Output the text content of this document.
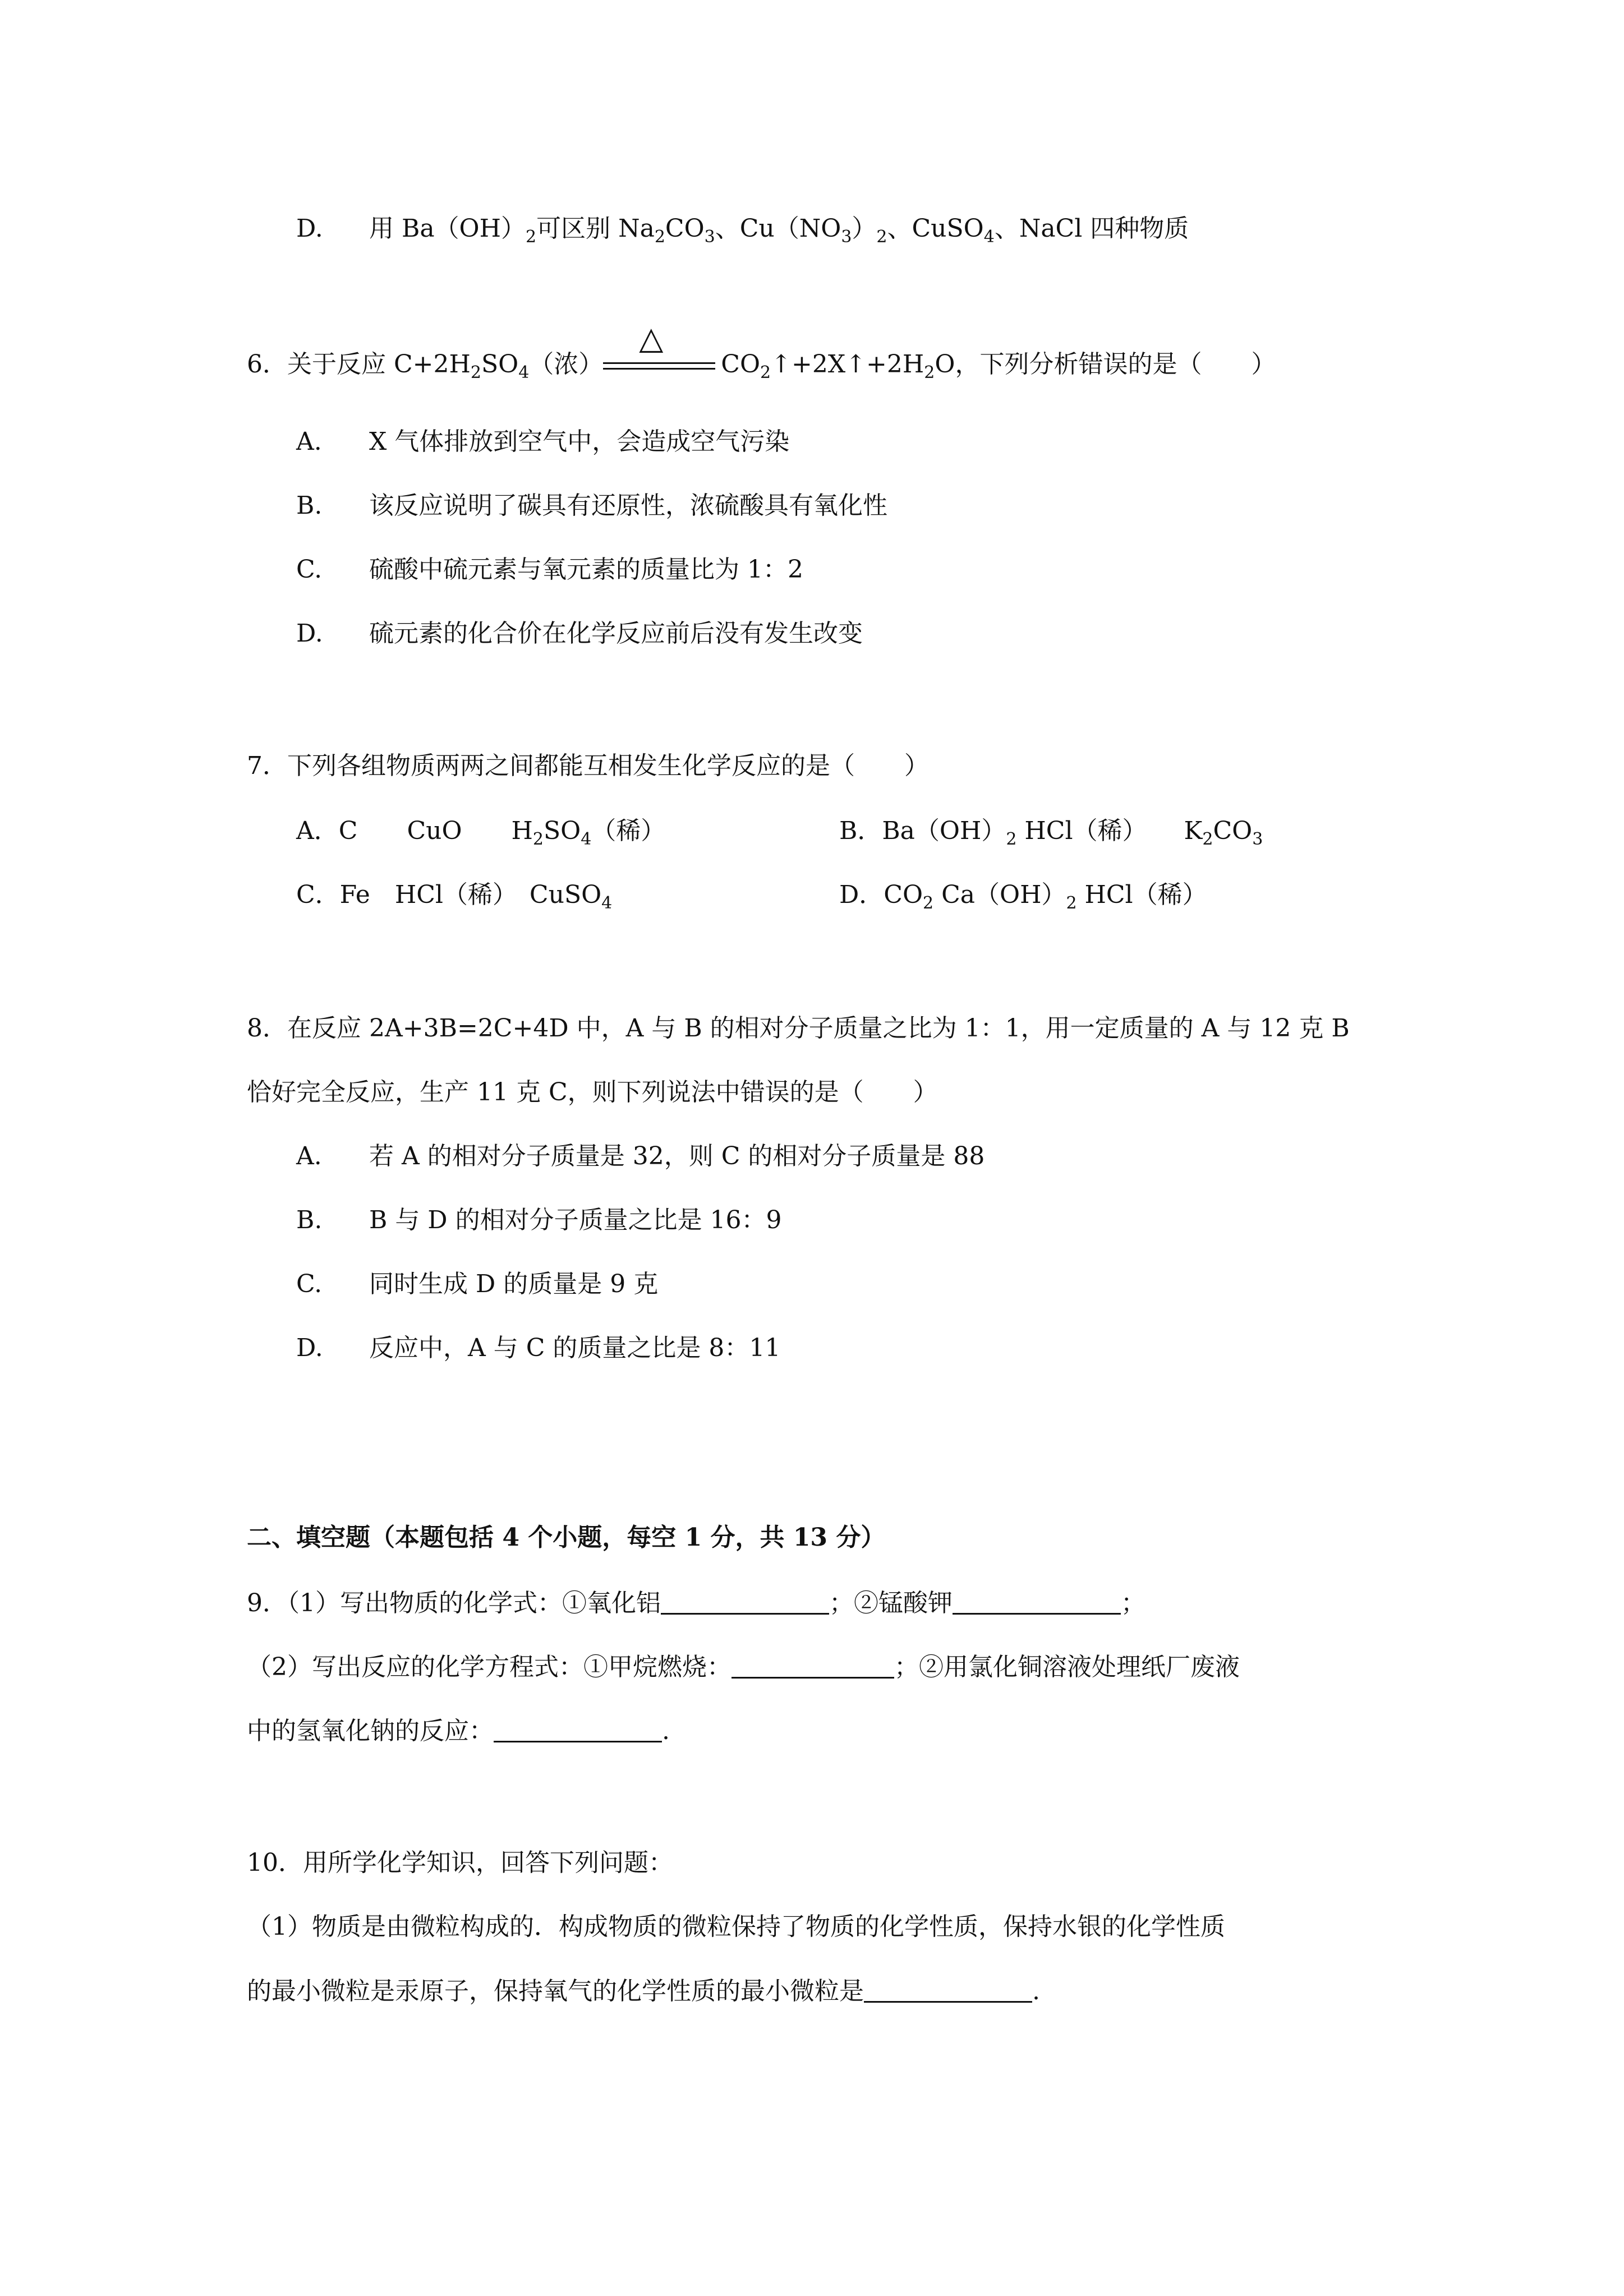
D. 用 $Ba(OH)_2$可区别 $Na_2CO_3$、$Cu(NO_3)_2$、CuSO$_4$、NaCl 四种物质
6．关于反应 $C+2H_2SO_4$（浓）
△
$CO_2↑+2X↑+2H_2O$，下列分析错误的是（　　）
A. X 气体排放到空气中，会造成空气污染
B. 该反应说明了碳具有还原性，浓硫酸具有氧化性
C. 硫酸中硫元素与氧元素的质量比为 1：2
D. 硫元素的化合价在化学反应前后没有发生改变
7．下列各组物质两两之间都能互相发生化学反应的是（　　）
A．C　　CuO　　$H_2SO_4$（稀）	B．$Ba(OH)_2$ HCl（稀）　　$K_2CO_3$
C．Fe　HCl（稀）　CuSO$_4$	D．$CO_2$ $Ca(OH)_2$ HCl（稀）
8．在反应 2A+3B=2C+4D 中，A 与 B 的相对分子质量之比为 1：1，用一定质量的 A 与 12 克 B
恰好完全反应，生产 11 克 C，则下列说法中错误的是（　　）
A. 若 A 的相对分子质量是 32，则 C 的相对分子质量是 88
B. B 与 D 的相对分子质量之比是 16：9
C. 同时生成 D 的质量是 9 克
D. 反应中，A 与 C 的质量之比是 8：11
二、填空题（本题包括 4 个小题，每空 1 分，共 13 分）
9．（1）写出物质的化学式：①氧化铝	；②锰酸钾	；
（2）写出反应的化学方程式：①甲烷燃烧：	；②用氯化铜溶液处理纸厂废液
中的氢氧化钠的反应：	.
10．用所学化学知识，回答下列问题：
（1）物质是由微粒构成的．构成物质的微粒保持了物质的化学性质，保持水银的化学性质
的最小微粒是汞原子，保持氧气的化学性质的最小微粒是	.
